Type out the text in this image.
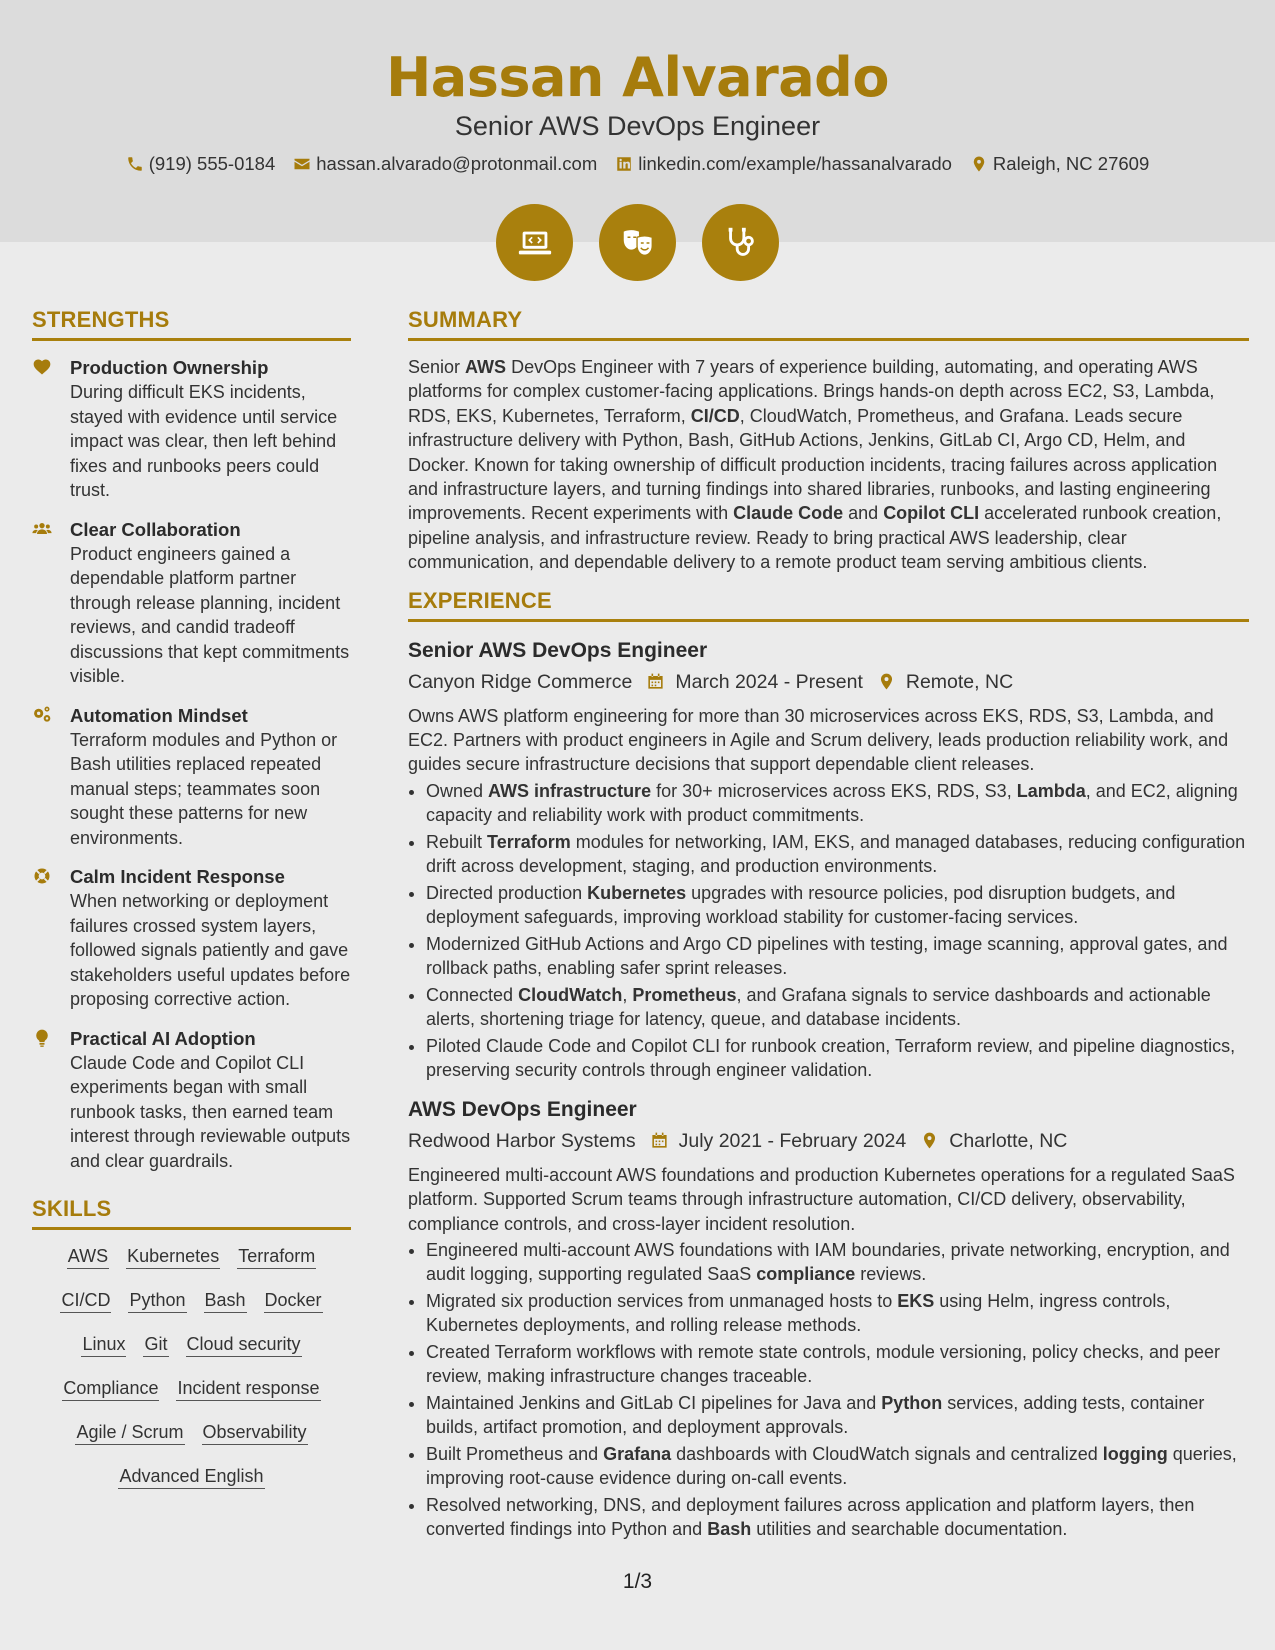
Hassan Alvarado
Senior AWS DevOps Engineer
(919) 555-0184 hassan.alvarado@protonmail.com linkedin.com/example/hassanalvarado Raleigh, NC 27609
STRENGTHS
Production Ownership
During difficult EKS incidents, stayed with evidence until service impact was clear, then left behind fixes and runbooks peers could trust.
Clear Collaboration
Product engineers gained a dependable platform partner through release planning, incident reviews, and candid tradeoff discussions that kept commitments visible.
Automation Mindset
Terraform modules and Python or Bash utilities replaced repeated manual steps; teammates soon sought these patterns for new environments.
Calm Incident Response
When networking or deployment failures crossed system layers, followed signals patiently and gave stakeholders useful updates before proposing corrective action.
Practical AI Adoption
Claude Code and Copilot CLI experiments began with small runbook tasks, then earned team interest through reviewable outputs and clear guardrails.
SKILLS
AWS Kubernetes Terraform
CI/CD Python Bash Docker
Linux Git Cloud security
Compliance Incident response
Agile / Scrum Observability
Advanced English
SUMMARY

Senior AWS DevOps Engineer with 7 years of experience building, automating, and operating AWS platforms for complex customer-facing applications. Brings hands-on depth across EC2, S3, Lambda, RDS, EKS, Kubernetes, Terraform, CI/CD, CloudWatch, Prometheus, and Grafana. Leads secure infrastructure delivery with Python, Bash, GitHub Actions, Jenkins, GitLab CI, Argo CD, Helm, and Docker. Known for taking ownership of difficult production incidents, tracing failures across application and infrastructure layers, and turning findings into shared libraries, runbooks, and lasting engineering improvements. Recent experiments with Claude Code and Copilot CLI accelerated runbook creation, pipeline analysis, and infrastructure review. Ready to bring practical AWS leadership, clear communication, and dependable delivery to a remote product team serving ambitious clients.

EXPERIENCE
Senior AWS DevOps Engineer
Canyon Ridge Commerce March 2024 - Present Remote, NC

Owns AWS platform engineering for more than 30 microservices across EKS, RDS, S3, Lambda, and EC2. Partners with product engineers in Agile and Scrum delivery, leads production reliability work, and guides secure infrastructure decisions that support dependable client releases.

• Owned AWS infrastructure for 30+ microservices across EKS, RDS, S3, Lambda, and EC2, aligning capacity and reliability work with product commitments.
• Rebuilt Terraform modules for networking, IAM, EKS, and managed databases, reducing configuration drift across development, staging, and production environments.
• Directed production Kubernetes upgrades with resource policies, pod disruption budgets, and deployment safeguards, improving workload stability for customer-facing services.
• Modernized GitHub Actions and Argo CD pipelines with testing, image scanning, approval gates, and rollback paths, enabling safer sprint releases.
• Connected CloudWatch, Prometheus, and Grafana signals to service dashboards and actionable alerts, shortening triage for latency, queue, and database incidents.
• Piloted Claude Code and Copilot CLI for runbook creation, Terraform review, and pipeline diagnostics, preserving security controls through engineer validation.
AWS DevOps Engineer
Redwood Harbor Systems July 2021 - February 2024 Charlotte, NC

Engineered multi-account AWS foundations and production Kubernetes operations for a regulated SaaS platform. Supported Scrum teams through infrastructure automation, CI/CD delivery, observability, compliance controls, and cross-layer incident resolution.

• Engineered multi-account AWS foundations with IAM boundaries, private networking, encryption, and audit logging, supporting regulated SaaS compliance reviews.
• Migrated six production services from unmanaged hosts to EKS using Helm, ingress controls, Kubernetes deployments, and rolling release methods.
• Created Terraform workflows with remote state controls, module versioning, policy checks, and peer review, making infrastructure changes traceable.
• Maintained Jenkins and GitLab CI pipelines for Java and Python services, adding tests, container builds, artifact promotion, and deployment approvals.
• Built Prometheus and Grafana dashboards with CloudWatch signals and centralized logging queries, improving root-cause evidence during on-call events.
• Resolved networking, DNS, and deployment failures across application and platform layers, then converted findings into Python and Bash utilities and searchable documentation.
1/3
